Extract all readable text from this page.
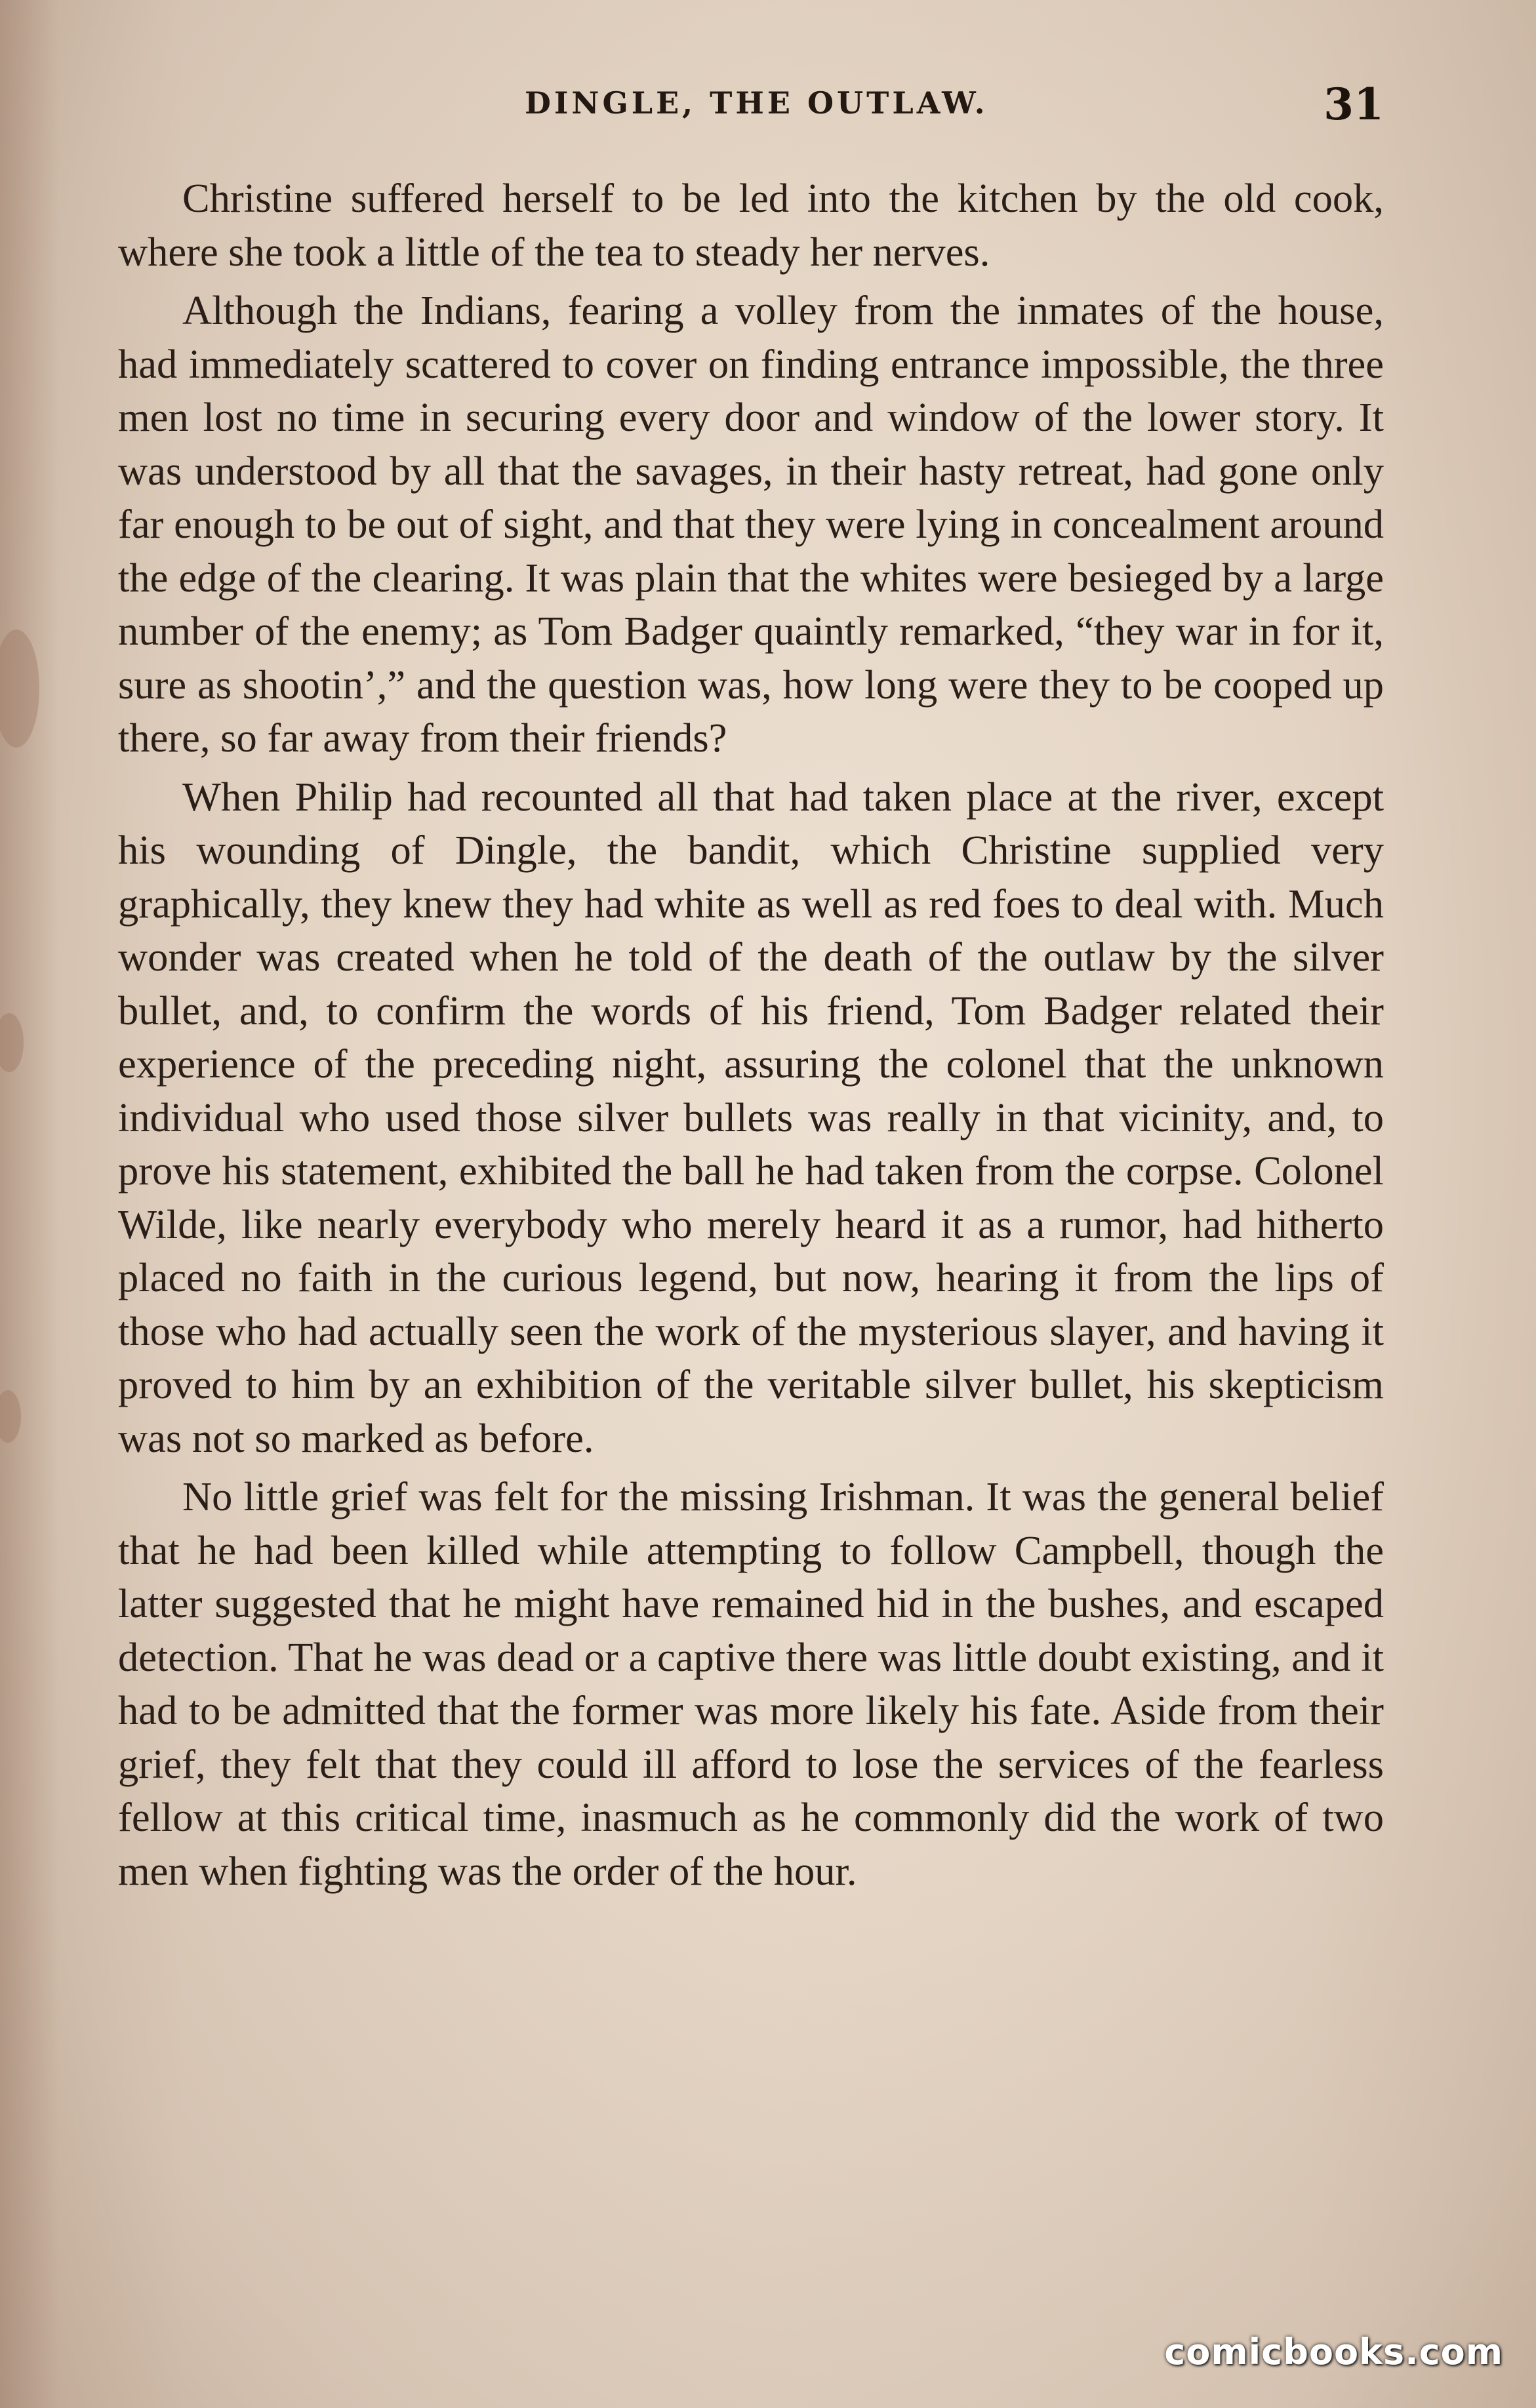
DINGLE, THE OUTLAW.	31

Christine suffered herself to be led into the kitchen by the old cook, where she took a little of the tea to steady her nerves.

Although the Indians, fearing a volley from the inmates of the house, had immediately scattered to cover on finding entrance impossible, the three men lost no time in securing every door and window of the lower story. It was understood by all that the savages, in their hasty retreat, had gone only far enough to be out of sight, and that they were lying in concealment around the edge of the clearing. It was plain that the whites were besieged by a large number of the enemy; as Tom Badger quaintly remarked, “they war in for it, sure as shootin’,” and the question was, how long were they to be cooped up there, so far away from their friends?

When Philip had recounted all that had taken place at the river, except his wounding of Dingle, the bandit, which Christine supplied very graphically, they knew they had white as well as red foes to deal with. Much wonder was created when he told of the death of the outlaw by the silver bullet, and, to confirm the words of his friend, Tom Badger related their experience of the preceding night, assuring the colonel that the unknown individual who used those silver bullets was really in that vicinity, and, to prove his statement, exhibited the ball he had taken from the corpse. Colonel Wilde, like nearly everybody who merely heard it as a rumor, had hitherto placed no faith in the curious legend, but now, hearing it from the lips of those who had actually seen the work of the mysterious slayer, and having it proved to him by an exhibition of the veritable silver bullet, his skepticism was not so marked as before.

No little grief was felt for the missing Irishman. It was the general belief that he had been killed while attempting to follow Campbell, though the latter suggested that he might have remained hid in the bushes, and escaped detection. That he was dead or a captive there was little doubt existing, and it had to be admitted that the former was more likely his fate. Aside from their grief, they felt that they could ill afford to lose the services of the fearless fellow at this critical time, inasmuch as he commonly did the work of two men when fighting was the order of the hour.

comicbooks.com
